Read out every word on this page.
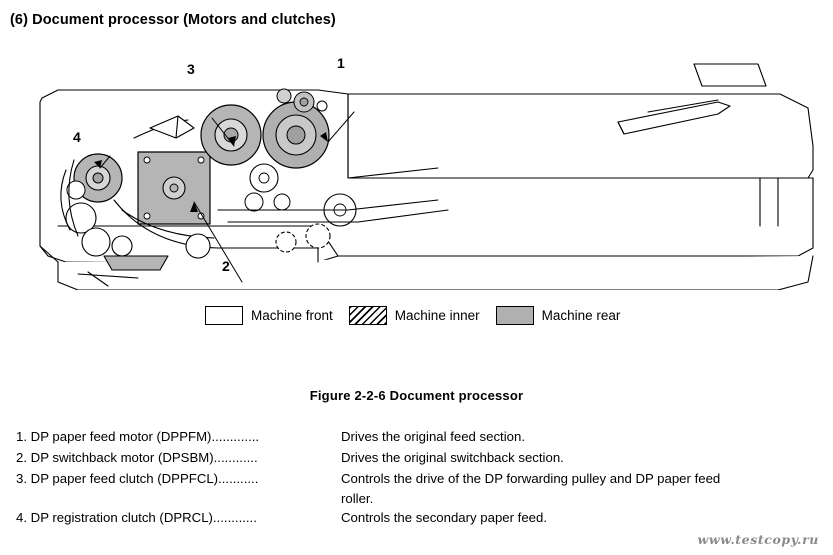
(6) Document processor (Motors and clutches)
1
2
3
4
Machine front	Machine inner	Machine rear
Figure 2-2-6 Document processor
1. DP paper feed motor (DPPFM).............	Drives the original feed section.
2. DP switchback motor (DPSBM)............	Drives the original switchback section.
3. DP paper feed clutch (DPPFCL)...........	Controls the drive of the DP forwarding pulley and DP paper feed
roller.
4. DP registration clutch (DPRCL)............	Controls the secondary paper feed.
www.testcopy.ru
